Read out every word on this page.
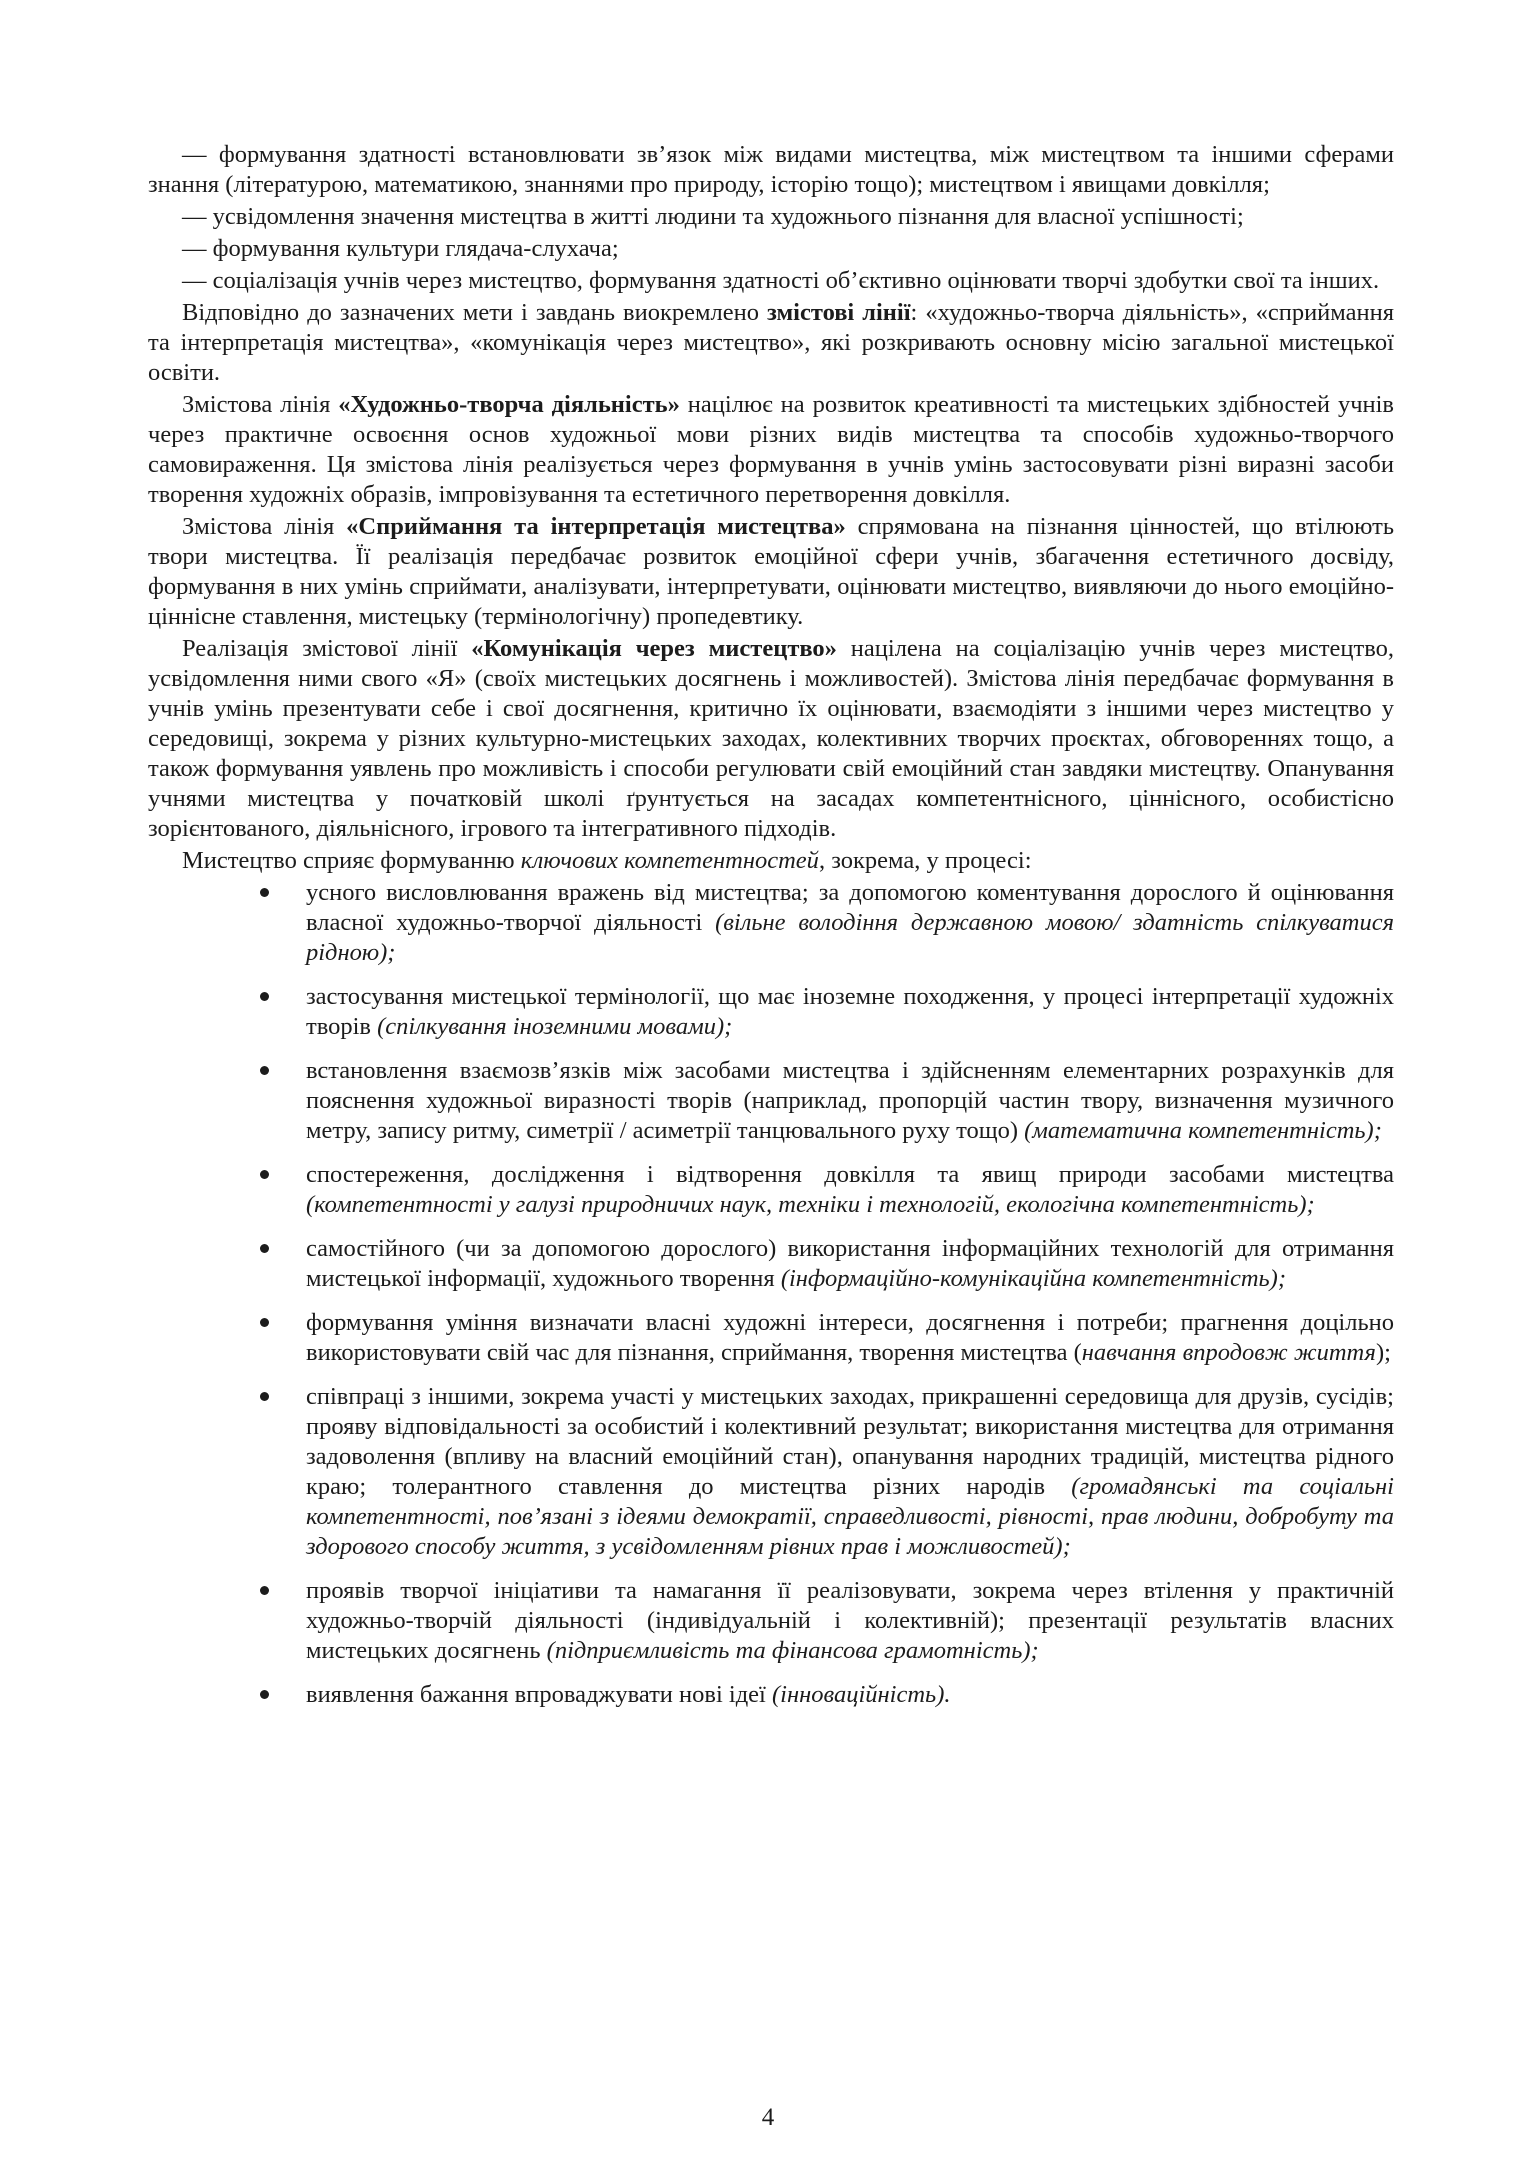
— формування здатності встановлювати зв’язок між видами мистецтва, між мистецтвом та іншими сферами знання (літературою, математикою, знаннями про природу, історію тощо); мистецтвом і явищами довкілля;

— усвідомлення значення мистецтва в житті людини та художнього пізнання для власної успішності;

— формування культури глядача-слухача;

— соціалізація учнів через мистецтво, формування здатності об’єктивно оцінювати творчі здобутки свої та інших.

Відповідно до зазначених мети і завдань виокремлено змістові лінії: «художньо-творча діяльність», «сприймання та інтерпретація мистецтва», «комунікація через мистецтво», які розкривають основну місію загальної мистецької освіти.

Змістова лінія «Художньо-творча діяльність» націлює на розвиток креативності та мистецьких здібностей учнів через практичне освоєння основ художньої мови різних видів мистецтва та способів художньо-творчого самовираження. Ця змістова лінія реалізується через формування в учнів умінь застосовувати різні виразні засоби творення художніх образів, імпровізування та естетичного перетворення довкілля.

Змістова лінія «Сприймання та інтерпретація мистецтва» спрямована на пізнання цінностей, що втілюють твори мистецтва. Її реалізація передбачає розвиток емоційної сфери учнів, збагачення естетичного досвіду, формування в них умінь сприймати, аналізувати, інтерпретувати, оцінювати мистецтво, виявляючи до нього емоційно-ціннісне ставлення, мистецьку (термінологічну) пропедевтику.

Реалізація змістової лінії «Комунікація через мистецтво» націлена на соціалізацію учнів через мистецтво, усвідомлення ними свого «Я» (своїх мистецьких досягнень і можливостей). Змістова лінія передбачає формування в учнів умінь презентувати себе і свої досягнення, критично їх оцінювати, взаємодіяти з іншими через мистецтво у середовищі, зокрема у різних культурно-мистецьких заходах, колективних творчих проєктах, обговореннях тощо, а також формування уявлень про можливість і способи регулювати свій емоційний стан завдяки мистецтву. Опанування учнями мистецтва у початковій школі ґрунтується на засадах компетентнісного, ціннісного, особистісно зорієнтованого, діяльнісного, ігрового та інтегративного підходів.

Мистецтво сприяє формуванню ключових компетентностей, зокрема, у процесі:

усного висловлювання вражень від мистецтва; за допомогою коментування дорослого й оцінювання власної художньо-творчої діяльності (вільне володіння державною мовою/ здатність спілкуватися рідною);
застосування мистецької термінології, що має іноземне походження, у процесі інтерпретації художніх творів (спілкування іноземними мовами);
встановлення взаємозв’язків між засобами мистецтва і здійсненням елементарних розрахунків для пояснення художньої виразності творів (наприклад, пропорцій частин твору, визначення музичного метру, запису ритму, симетрії / асиметрії танцювального руху тощо) (математична компетентність);
спостереження, дослідження і відтворення довкілля та явищ природи засобами мистецтва (компетентності у галузі природничих наук, техніки і технологій, екологічна компетентність);
самостійного (чи за допомогою дорослого) використання інформаційних технологій для отримання мистецької інформації, художнього творення (інформаційно-комунікаційна компетентність);
формування уміння визначати власні художні інтереси, досягнення і потреби; прагнення доцільно використовувати свій час для пізнання, сприймання, творення мистецтва (навчання впродовж життя);
співпраці з іншими, зокрема участі у мистецьких заходах, прикрашенні середовища для друзів, сусідів; прояву відповідальності за особистий і колективний результат; використання мистецтва для отримання задоволення (впливу на власний емоційний стан), опанування народних традицій, мистецтва рідного краю; толерантного ставлення до мистецтва різних народів (громадянські та соціальні компетентності, пов’язані з ідеями демократії, справедливості, рівності, прав людини, добробуту та здорового способу життя, з усвідомленням рівних прав і можливостей);
проявів творчої ініціативи та намагання її реалізовувати, зокрема через втілення у практичній художньо-творчій діяльності (індивідуальній і колективній); презентації результатів власних мистецьких досягнень (підприємливість та фінансова грамотність);
виявлення бажання впроваджувати нові ідеї (інноваційність).
4
